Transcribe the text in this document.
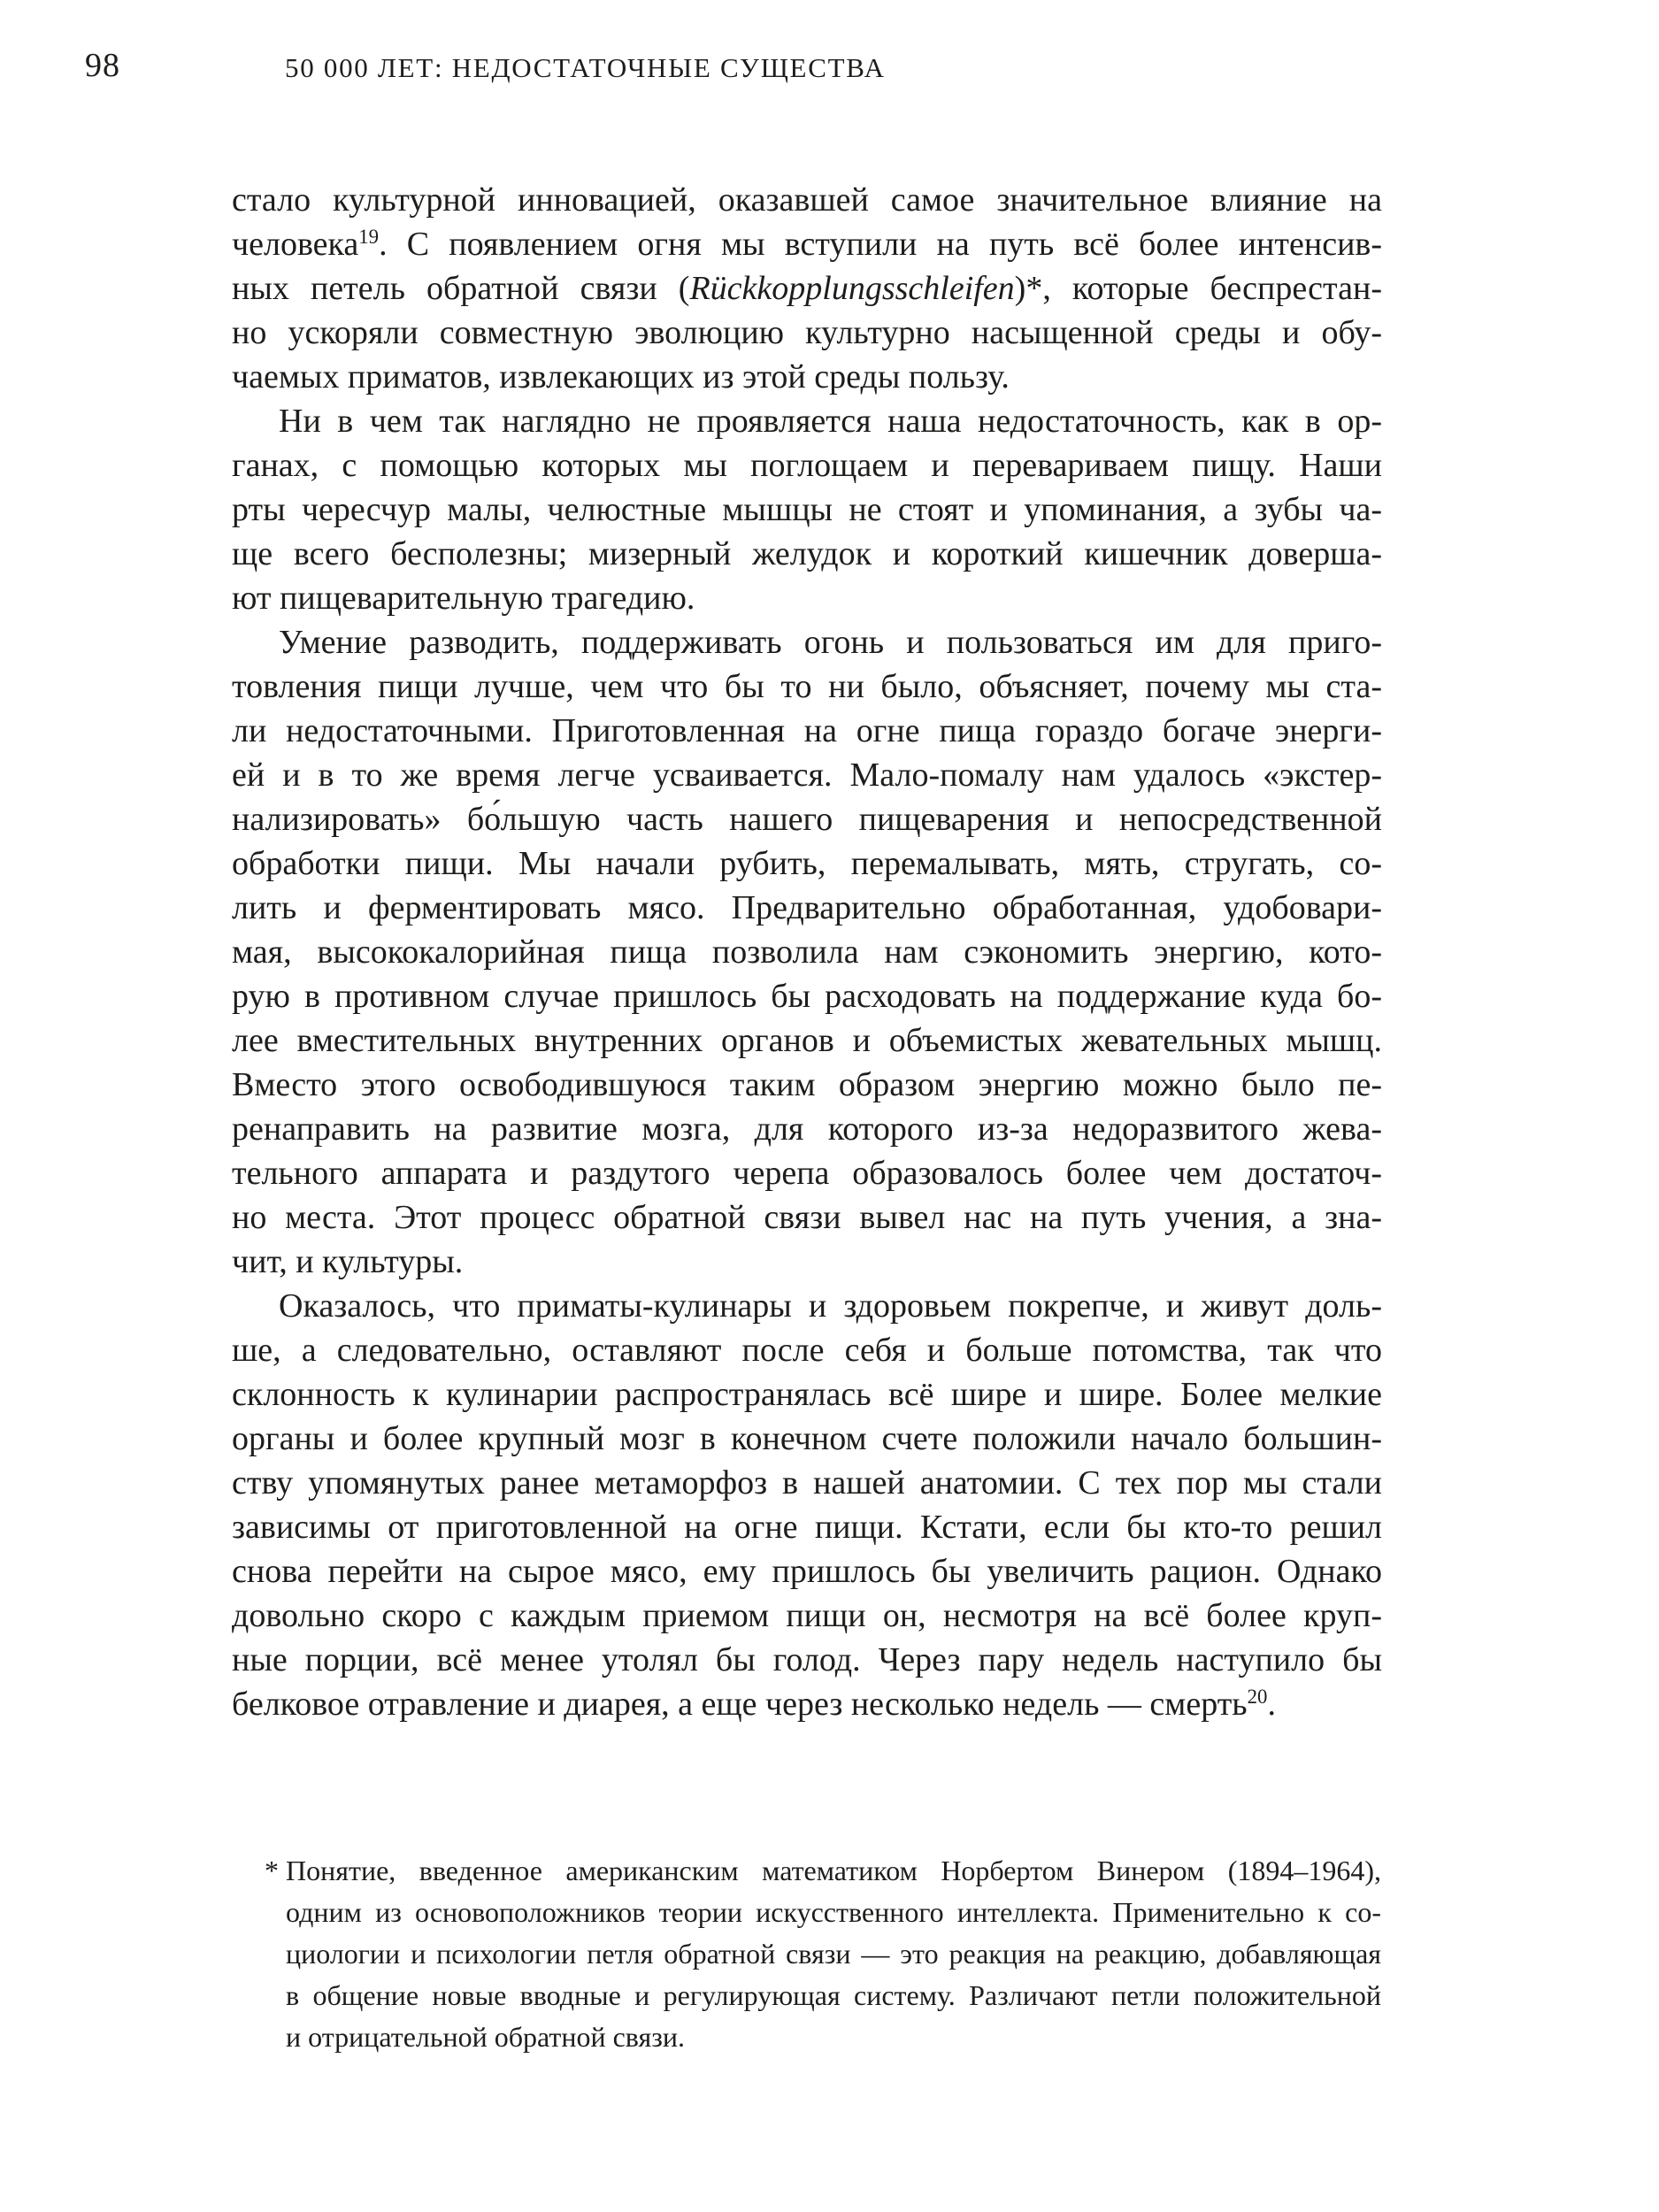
98	50 000 ЛЕТ: НЕДОСТАТОЧНЫЕ СУЩЕСТВА
стало культурной инновацией, оказавшей самое значительное влияние на
человека$^{19}$. С появлением огня мы вступили на путь всё более интенсив-
ных петель обратной связи (Rückkopplungsschleifen)*, которые беспрестан-
но ускоряли совместную эволюцию культурно насыщенной среды и обу-
чаемых приматов, извлекающих из этой среды пользу.
Ни в чем так наглядно не проявляется наша недостаточность, как в ор-
ганах, с помощью которых мы поглощаем и перевариваем пищу. Наши
рты чересчур малы, челюстные мышцы не стоят и упоминания, а зубы ча-
ще всего бесполезны; мизерный желудок и короткий кишечник доверша-
ют пищеварительную трагедию.
Умение разводить, поддерживать огонь и пользоваться им для приго-
товления пищи лучше, чем что бы то ни было, объясняет, почему мы ста-
ли недостаточными. Приготовленная на огне пища гораздо богаче энерги-
ей и в то же время легче усваивается. Мало-помалу нам удалось «экстер-
нализировать» бо́льшую часть нашего пищеварения и непосредственной
обработки пищи. Мы начали рубить, перемалывать, мять, стругать, со-
лить и ферментировать мясо. Предварительно обработанная, удобовари-
мая, высококалорийная пища позволила нам сэкономить энергию, кото-
рую в противном случае пришлось бы расходовать на поддержание куда бо-
лее вместительных внутренних органов и объемистых жевательных мышц.
Вместо этого освободившуюся таким образом энергию можно было пе-
ренаправить на развитие мозга, для которого из-за недоразвитого жева-
тельного аппарата и раздутого черепа образовалось более чем достаточ-
но места. Этот процесс обратной связи вывел нас на путь учения, а зна-
чит, и культуры.
Оказалось, что приматы-кулинары и здоровьем покрепче, и живут доль-
ше, а следовательно, оставляют после себя и больше потомства, так что
склонность к кулинарии распространялась всё шире и шире. Более мелкие
органы и более крупный мозг в конечном счете положили начало большин-
ству упомянутых ранее метаморфоз в нашей анатомии. С тех пор мы стали
зависимы от приготовленной на огне пищи. Кстати, если бы кто-то решил
снова перейти на сырое мясо, ему пришлось бы увеличить рацион. Однако
довольно скоро с каждым приемом пищи он, несмотря на всё более круп-
ные порции, всё менее утолял бы голод. Через пару недель наступило бы
белковое отравление и диарея, а еще через несколько недель — смерть$^{20}$.
* Понятие, введенное американским математиком Норбертом Винером (1894–1964),
одним из основоположников теории искусственного интеллекта. Применительно к со-
циологии и психологии петля обратной связи — это реакция на реакцию, добавляющая
в общение новые вводные и регулирующая систему. Различают петли положительной
и отрицательной обратной связи.
